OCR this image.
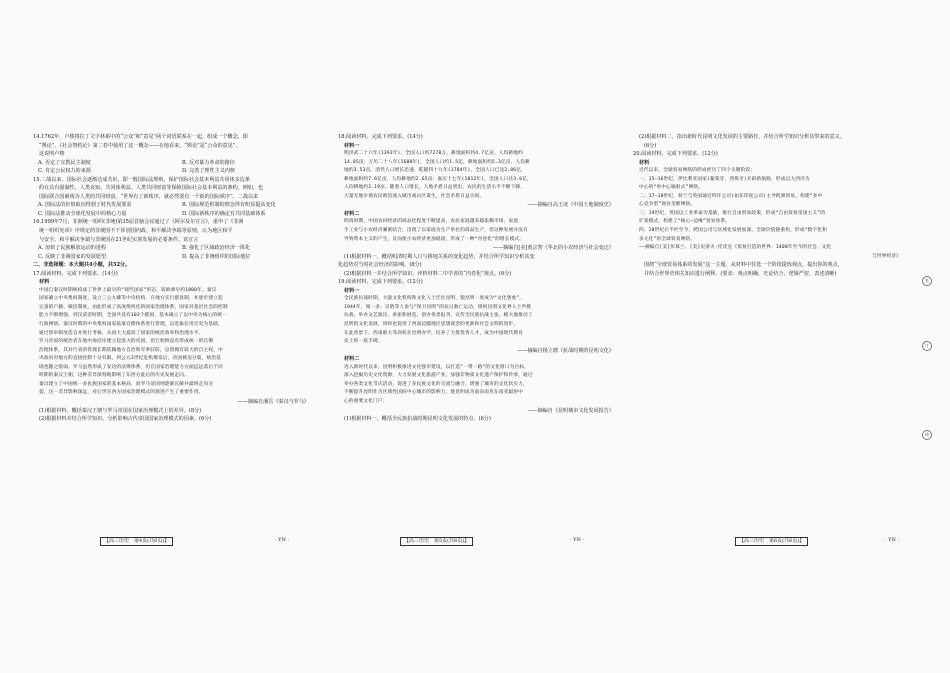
14.1762年，卢梭将拉丁文字林系中的“公众”和“意见”两个词语联系在一起，组成一个概念，即
“舆论”。《社会契约论》第二卷中使用了这一概念——在他看来，“舆论”是“公众的意见”。
这说明卢梭
A. 否定了宣教民主制度	B. 反对暴力革命的路径
C. 肯定公民权力的来源	D. 完善了理性主义内核
15.二战以来，国际社会逐渐达成共识，即一般国际法规则，保护国际社会基本利益共同体多边条
约在具有强制性、人类良知、共同体利益、人类共同财富等保障国际社会基本利益的条约。例如，也
国际联合国被视为人类的共同财富。“世界有了新秩序，就必然要有一个新的国际秩序”。二战以来
A. 国际法的价值取向得到了时代发展要求	B. 国际规范机制的理念得有明显提高变化
C. 国际法推动全球化发展中的核心力量	D. 国际新秩序的确定有共同基础体系
16.1999年7月，非洲统一组织(非统)第35届首脑会议通过了《阿尔及尔宣言》，重申了《非洲
统一组织宪章》中规定的非统国不干涉别国内政、和平解决争端等原则，认为地区和平
与安全、和平解决争端与非统国在21世纪实现发展的必要条件。该宣言
A. 加快了民族解放运动的进程	B. 强化了区域政治经济一体化
C. 反映了非洲国家的发展愿望	D. 提高了非统组织的国际地位
二、非选择题：本大题共4小题，共52分。
17.阅读材料，完成下列要求。(14分)
材料
中国自秦汉时期统构成了世界上最早的“现代国家”形态，较欧洲早约1800年。秦汉
国家确立中央集权制度，设立三公九卿等中央机构，在地方实行郡县制，并逐步建立起
完备的户籍、赋役制度，由此形成了高度组织化的国家治理体系，国家对基层社会的控制
能力不断增强。到汉武帝时期，全国共设有103个郡国，基本确立了以中央为核心的统一
行政网络。秦汉时期的中央集权国家依靠官僚体系进行管理，以选拔任用官吏为基础，
通过察举制度选官并进行考核，从而大大提高了国家的统治效率和治理水平。
罗马帝国的统治者在地中海沿岸建立起庞大的帝国，但它始终没有形成统一的官僚
治理体系，其对行省的管理长期依赖地方自治和军事驻防，总督拥有较大的自主权，中
央政府对地方的直接控制十分有限。到公元3世纪危机爆发后，帝国被迫分裂，统治基
础也随之削弱。罗马虽然形成了发达的法律体系，但在国家治理能力方面远远落后于同
时期的秦汉王朝，这种差异深刻地影响了东西方此后的历史发展走向。
秦汉建立了中国统一多民族国家的基本格局，而罗马帝国则逐渐瓦解并最终走向分
裂，这一差异影响深远，对后世东西方国家治理模式的演进产生了重要作用。
——摘编自潘岳《秦汉与罗马》
(1)根据材料，概括秦汉王朝与罗马帝国在国家治理模式上的差异。(8分)
(2)根据材料并结合所学知识，分析影响古代帝国国家治理模式的因素。(6分)
【高三历史　第4页(共6页)】	· YN ·
18.阅读材料，完成下列要求。(14分)
材料一
明洪武二十六年(1393年)，全国人口约7270万，耕地面积约4.7亿亩，人均耕地约
14.05亩；万历二十八年(1600年)，全国人口约1.5亿，耕地面积约5.3亿亩，人均耕
地约3.53亩。清代人口增长迅速，乾隆四十九年(1784年)，全国人口已达2.86亿，
耕地面积约7.6亿亩，人均耕地约2.65亩；嘉庆十七年(1812年)，全国人口达3.6亿，
人均耕地约2.19亩。随着人口增长，人地矛盾日益突出，农民的生活水平不断下降，
大量无地少地农民被迫流入城市或山区谋生，社会矛盾日益尖锐。
——摘编自高王凌《中国土地制度史》
材料二
明清时期，中国农村经济的商品化程度不断提高，农民家庭越来越依赖市场，家庭
手工业与小农经济紧密结合，出现了以家庭为生产单位的商品生产，但这种发展并没有
导致资本主义的产生，反而使小农经济更加稳固，形成了一种“内卷化”的增长模式。
——摘编自[美]黄宗智《华北的小农经济与社会变迁》
(1)根据材料一，概括明清时期人口与耕地关系的变化趋势，并结合所学知识分析其变
化趋势对当时社会经济的影响。(8分)
(2)根据材料一并结合所学知识，评析材料二中学者的“内卷化”观点。(6分)
19.阅读材料，完成下列要求。(12分)
材料一
全民族抗战时期，大量文化机构和文化人士迁往昆明，使昆明一度成为“文化堡垒”。
1944年，闻一多、吴晗等人参与“保卫昆明”的抗日救亡运动，组织昆明文化界人士声援
抗战，举办文艺演出、讲座和展览，创办各类报刊，宣传全民族抗战主张，极大地推动了
昆明的文化发展，同时也促进了西南边疆地区思想观念的更新和社会文明的进步。
在此背景下，西南联大等高校在昆明办学，培养了大批优秀人才，成为中国现代教育
史上的一座丰碑。
——摘编自杨立德《抗战时期的昆明文化》
材料二
进入新时代以来，昆明积极推进文化强市建设，以打造“一带一路”的文化窗口为目标，
深入挖掘历史文化资源，大力发展文化旅游产业，加强非物质文化遗产保护和传承，通过
举办各类文化节庆活动，促进了多民族文化的交流与融合，增强了城市的文化软实力，
不断提升昆明作为区域性国际中心城市的影响力，使昆明成为面向南亚东南亚辐射中
心的重要文化门户。
——摘编自《昆明城市文化发展报告》
(1)根据材料一，概括全民族抗战时期昆明文化发展的特点。(6分)
【高三历史　第5页(共6页)】	· YN ·
(2)根据材料二，指出新时代昆明文化发展的主要路径，并结合所学知识分析其带来的意义。
(6分)
20.阅读材料，完成下列要求。(12分)
材料
近代以来，全球贸易网络的形成经历了四个关键阶段：
一、15—16世纪，伊比利亚国家(葡萄牙、西班牙)开辟新航路，形成以大西洋为
中心的“单中心辐射式”网络。
二、17—18世纪，荷兰与英国通过特许公司(如东印度公司)主导跨洲贸易，构建“多中
心竞争型”商业垄断网络。
三、19世纪，英国以工业革命为基础，推行自由贸易政策，形成“自由贸易帝国主义”的
扩张模式，构建了“核心—边缘”贸易体系。
四、20世纪后半叶至今，跨国公司与区域化发展加深，全球价值链重构，形成“数字化和
多元化”的全球贸易网络。
——摘编自[美]彭慕兰、[美]史蒂夫·托皮克《贸易打造的世界：1400年至今的社会、文化
与世界经济》
围绕“全球贸易体系的发展”这一主题，从材料中任选一个阶段提炼观点，提出你的观点，
并结合世界史相关知识进行阐释。(要求：观点明确，史论结合，逻辑严密，表述清晰)
【高三历史　第6页(共6页)】	· YN ·
装
订
线
